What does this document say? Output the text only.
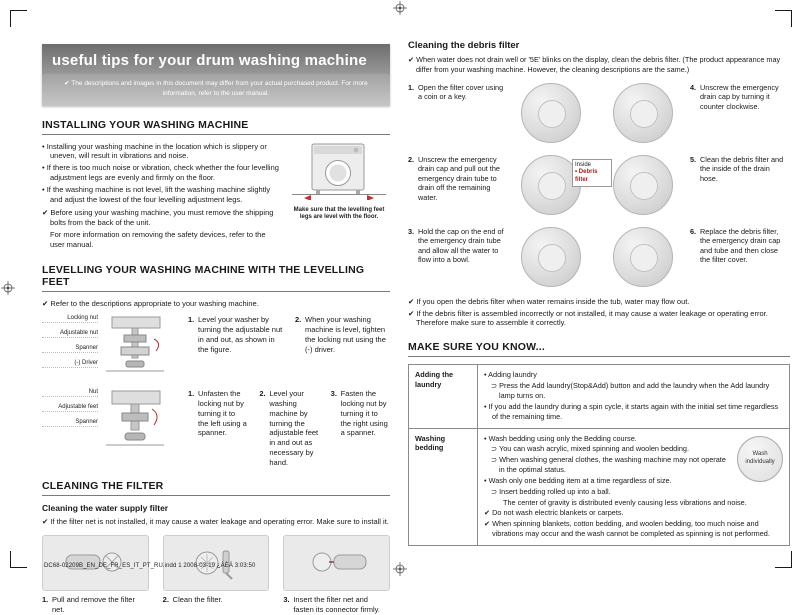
useful tips for your drum washing machine
✔ The descriptions and images in this document may differ from your actual purchased product. For more information, refer to the user manual.
INSTALLING YOUR WASHING MACHINE
• Installing your washing machine in the location which is slippery or uneven, will result in vibrations and noise.
• If there is too much noise or vibration, check whether the four levelling adjustment legs are evenly and firmly on the floor.
• If the washing machine is not level, lift the washing machine slightly and adjust the lowest of the four levelling adjustment legs.
✔ Before using your washing machine, you must remove the shipping bolts from the back of the unit.
For more information on removing the safety devices, refer to the user manual.
Make sure that the levelling feet legs are level with the floor.
LEVELLING YOUR WASHING MACHINE WITH THE LEVELLING FEET
✔ Refer to the descriptions appropriate to your washing machine.
Locking nut
Adjustable nut
Spanner
(-) Driver
1. Level your washer by turning the adjustable nut in and out, as shown in the figure.
2. When your washing machine is level, tighten the locking nut using the (-) driver.
Nut
Adjustable feet
Spanner
1. Unfasten the locking nut by turning it to the left using a spanner.
2. Level your washing machine by turning the adjustable feet in and out as necessary by hand.
3. Fasten the locking nut by turning it to the right using a spanner.
CLEANING THE FILTER
Cleaning the water supply filter
✔ If the filter net is not installed, it may cause a water leakage and operating error. Make sure to install it.
1. Pull and remove the filter net.
2. Clean the filter.	3. Insert the filter net and fasten its connector firmly.
Cleaning the debris filter
✔ When water does not drain well or '5E' blinks on the display, clean the debris filter. (The product appearance may differ from your washing machine. However, the cleaning descriptions are the same.)
1. Open the filter cover using a coin or a key.
4. Unscrew the emergency drain cap by turning it counter clockwise.
2. Unscrew the emergency drain cap and pull out the emergency drain tube to drain off the remaining water.
Inside
• Debris filter
5. Clean the debris filter and the inside of the drain hose.
3. Hold the cap on the end of the emergency drain tube and allow all the water to flow into a bowl.
6. Replace the debris filter, the emergency drain cap and tube and then close the filter cover.
✔ If you open the debris filter when water remains inside the tub, water may flow out.
✔ If the debris filter is assembled incorrectly or not installed, it may cause a water leakage or operating error. Therefore make sure to assemble it correctly.
MAKE SURE YOU KNOW...
Adding the laundry	• Adding laundry
⊃ Press the Add laundry(Stop&Add) button and add the laundry when the Add laundry lamp turns on.
• If you add the laundry during a spin cycle, it starts again with the initial set time regardless of the remaining time.

Washing bedding	
Wash individually
• Wash bedding using only the Bedding course.
⊃ You can wash acrylic, mixed spinning and woolen bedding.
⊃ When washing general clothes, the washing machine may not operate in the optimal status.
• Wash only one bedding item at a time regardless of size.
⊃ Insert bedding rolled up into a ball.
The center of gravity is distributed evenly causing less vibrations and noise.
✔ Do not wash electric blankets or carpets.
✔ When spinning blankets, cotton bedding, and woolen bedding, too much noise and vibrations may occur and the wash cannot be completed as spinning is not performed.
DC68-02209B_EN_DE_FR_ES_IT_PT_RU.indd 1 2008-03-19 ¿ÀÈÄ 3:03:50
